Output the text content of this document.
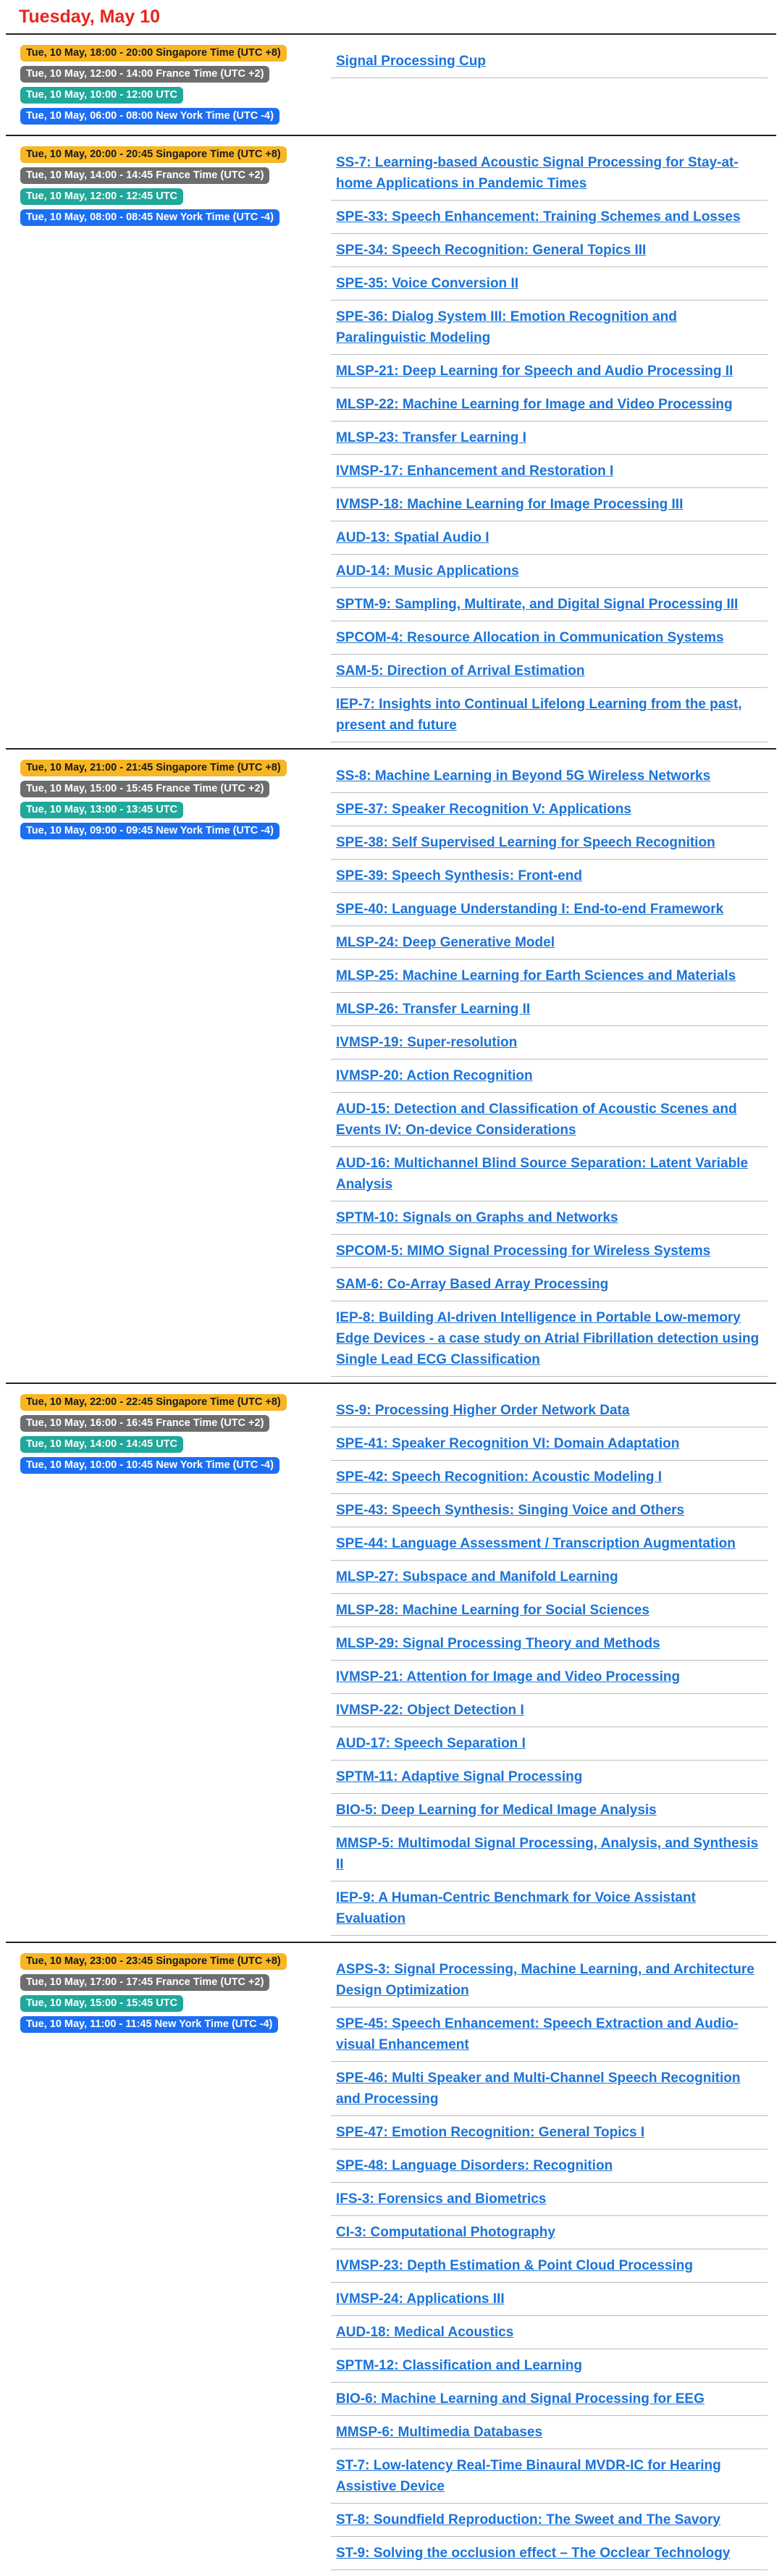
Tuesday, May 10
Tue, 10 May, 18:00 - 20:00 Singapore Time (UTC +8)
Tue, 10 May, 12:00 - 14:00 France Time (UTC +2)
Tue, 10 May, 10:00 - 12:00 UTC
Tue, 10 May, 06:00 - 08:00 New York Time (UTC -4)
Signal Processing Cup
Tue, 10 May, 20:00 - 20:45 Singapore Time (UTC +8)
Tue, 10 May, 14:00 - 14:45 France Time (UTC +2)
Tue, 10 May, 12:00 - 12:45 UTC
Tue, 10 May, 08:00 - 08:45 New York Time (UTC -4)
SS-7: Learning-based Acoustic Signal Processing for Stay-at-home Applications in Pandemic Times
SPE-33: Speech Enhancement: Training Schemes and Losses
SPE-34: Speech Recognition: General Topics III
SPE-35: Voice Conversion II
SPE-36: Dialog System III: Emotion Recognition and Paralinguistic Modeling
MLSP-21: Deep Learning for Speech and Audio Processing II
MLSP-22: Machine Learning for Image and Video Processing
MLSP-23: Transfer Learning I
IVMSP-17: Enhancement and Restoration I
IVMSP-18: Machine Learning for Image Processing III
AUD-13: Spatial Audio I
AUD-14: Music Applications
SPTM-9: Sampling, Multirate, and Digital Signal Processing III
SPCOM-4: Resource Allocation in Communication Systems
SAM-5: Direction of Arrival Estimation
IEP-7: Insights into Continual Lifelong Learning from the past, present and future
Tue, 10 May, 21:00 - 21:45 Singapore Time (UTC +8)
Tue, 10 May, 15:00 - 15:45 France Time (UTC +2)
Tue, 10 May, 13:00 - 13:45 UTC
Tue, 10 May, 09:00 - 09:45 New York Time (UTC -4)
SS-8: Machine Learning in Beyond 5G Wireless Networks
SPE-37: Speaker Recognition V: Applications
SPE-38: Self Supervised Learning for Speech Recognition
SPE-39: Speech Synthesis: Front-end
SPE-40: Language Understanding I: End-to-end Framework
MLSP-24: Deep Generative Model
MLSP-25: Machine Learning for Earth Sciences and Materials
MLSP-26: Transfer Learning II
IVMSP-19: Super-resolution
IVMSP-20: Action Recognition
AUD-15: Detection and Classification of Acoustic Scenes and Events IV: On-device Considerations
AUD-16: Multichannel Blind Source Separation: Latent Variable Analysis
SPTM-10: Signals on Graphs and Networks
SPCOM-5: MIMO Signal Processing for Wireless Systems
SAM-6: Co-Array Based Array Processing
IEP-8: Building AI-driven Intelligence in Portable Low-memory Edge Devices - a case study on Atrial Fibrillation detection using Single Lead ECG Classification
Tue, 10 May, 22:00 - 22:45 Singapore Time (UTC +8)
Tue, 10 May, 16:00 - 16:45 France Time (UTC +2)
Tue, 10 May, 14:00 - 14:45 UTC
Tue, 10 May, 10:00 - 10:45 New York Time (UTC -4)
SS-9: Processing Higher Order Network Data
SPE-41: Speaker Recognition VI: Domain Adaptation
SPE-42: Speech Recognition: Acoustic Modeling I
SPE-43: Speech Synthesis: Singing Voice and Others
SPE-44: Language Assessment / Transcription Augmentation
MLSP-27: Subspace and Manifold Learning
MLSP-28: Machine Learning for Social Sciences
MLSP-29: Signal Processing Theory and Methods
IVMSP-21: Attention for Image and Video Processing
IVMSP-22: Object Detection I
AUD-17: Speech Separation I
SPTM-11: Adaptive Signal Processing
BIO-5: Deep Learning for Medical Image Analysis
MMSP-5: Multimodal Signal Processing, Analysis, and Synthesis II
IEP-9: A Human-Centric Benchmark for Voice Assistant Evaluation
Tue, 10 May, 23:00 - 23:45 Singapore Time (UTC +8)
Tue, 10 May, 17:00 - 17:45 France Time (UTC +2)
Tue, 10 May, 15:00 - 15:45 UTC
Tue, 10 May, 11:00 - 11:45 New York Time (UTC -4)
ASPS-3: Signal Processing, Machine Learning, and Architecture Design Optimization
SPE-45: Speech Enhancement: Speech Extraction and Audio-visual Enhancement
SPE-46: Multi Speaker and Multi-Channel Speech Recognition and Processing
SPE-47: Emotion Recognition: General Topics I
SPE-48: Language Disorders: Recognition
IFS-3: Forensics and Biometrics
CI-3: Computational Photography
IVMSP-23: Depth Estimation & Point Cloud Processing
IVMSP-24: Applications III
AUD-18: Medical Acoustics
SPTM-12: Classification and Learning
BIO-6: Machine Learning and Signal Processing for EEG
MMSP-6: Multimedia Databases
ST-7: Low-latency Real-Time Binaural MVDR-IC for Hearing Assistive Device
ST-8: Soundfield Reproduction: The Sweet and The Savory
ST-9: Solving the occlusion effect – The Occlear Technology
